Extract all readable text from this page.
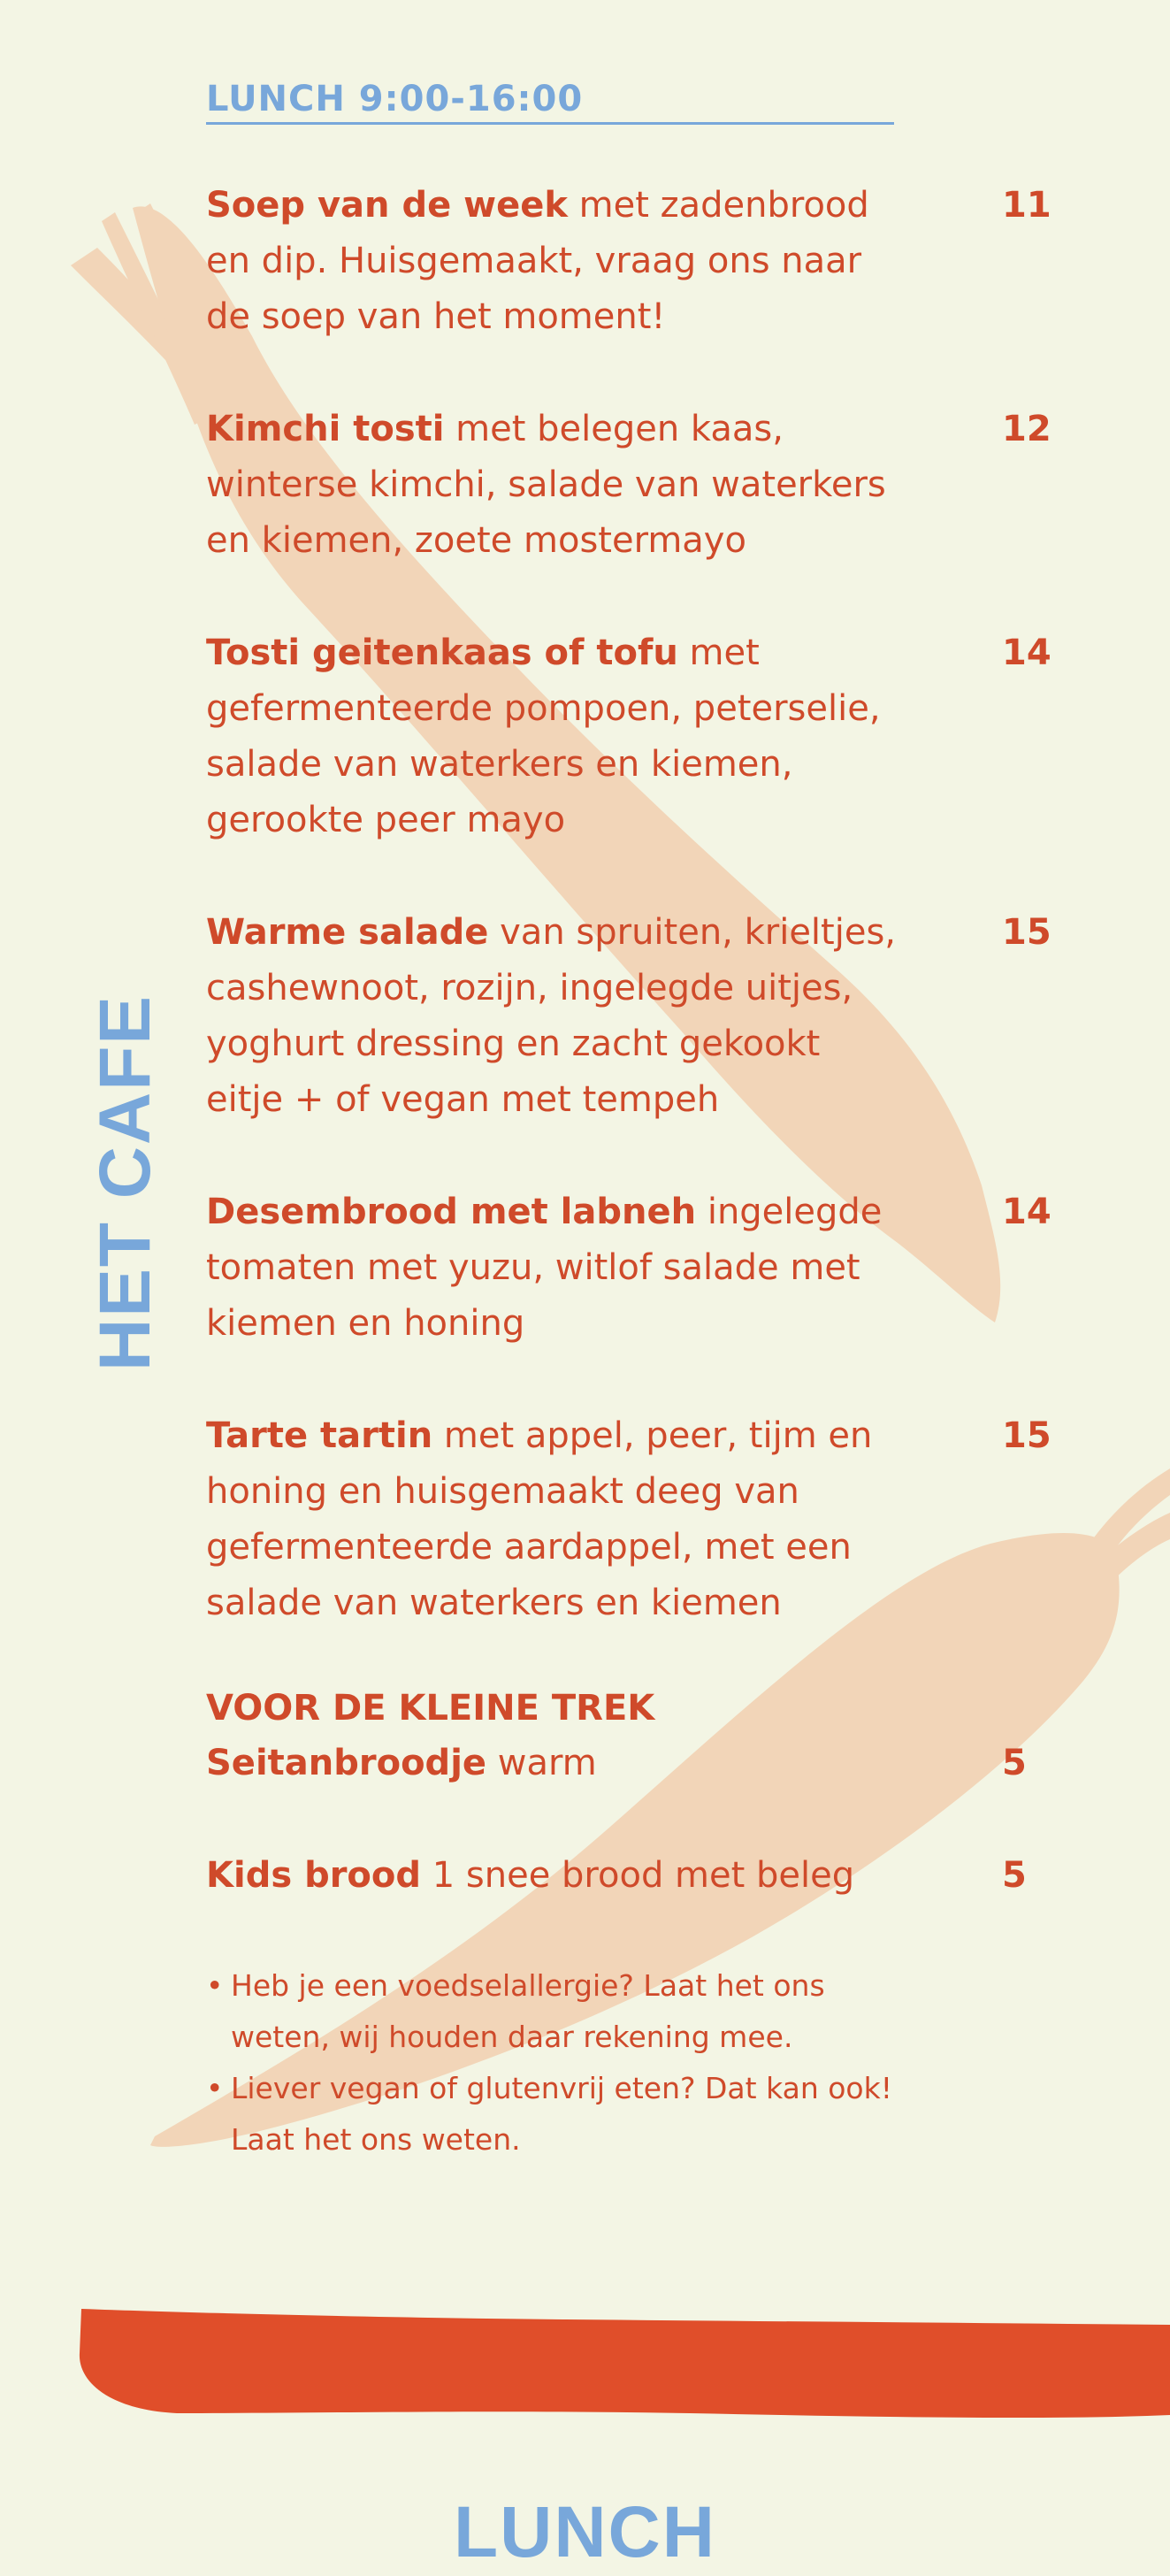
HET CAFE
LUNCH 9:00-16:00
Soep van de week met zadenbrood en dip. Huisgemaakt, vraag ons naar de soep van het moment!
11
Kimchi tosti met belegen kaas, winterse kimchi, salade van waterkers en kiemen, zoete mostermayo
12
Tosti geitenkaas of tofu met gefermenteerde pompoen, peterselie, salade van waterkers en kiemen, gerookte peer mayo
14
Warme salade van spruiten, krieltjes, cashewnoot, rozijn, ingelegde uitjes, yoghurt dressing en zacht gekookt eitje + of vegan met tempeh
15
Desembrood met labneh ingelegde tomaten met yuzu, witlof salade met kiemen en honing
14
Tarte tartin met appel, peer, tijm en honing en huisgemaakt deeg van gefermenteerde aardappel, met een salade van waterkers en kiemen
15
VOOR DE KLEINE TREK
Seitanbroodje warm	5
Kids brood 1 snee brood met beleg	5
• Heb je een voedselallergie? Laat het ons weten, wij houden daar rekening mee.
• Liever vegan of glutenvrij eten? Dat kan ook! Laat het ons weten.
LUNCH
